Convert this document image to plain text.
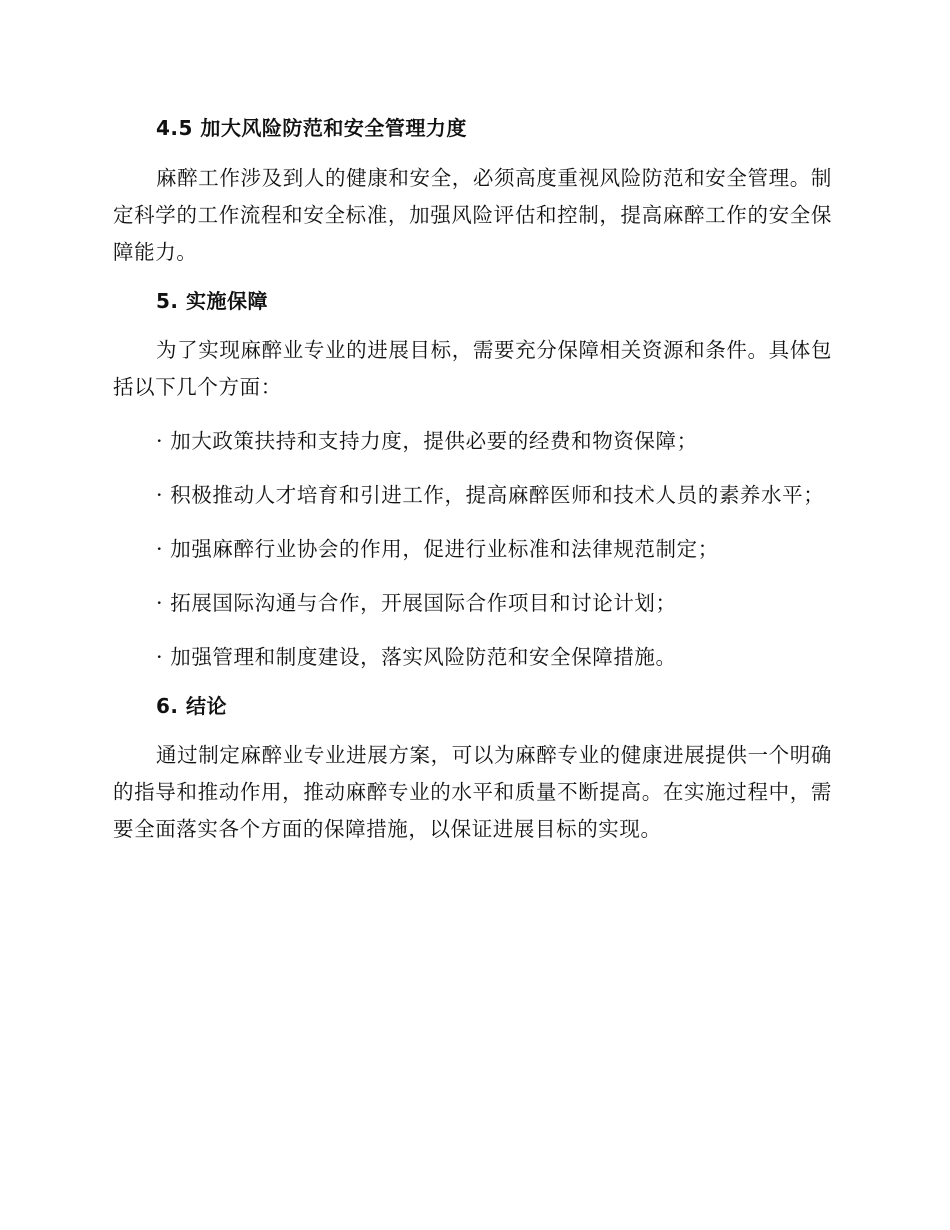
4.5 加大风险防范和安全管理力度

麻醉工作涉及到人的健康和安全，必须高度重视风险防范和安全管理。制定科学的工作流程和安全标准，加强风险评估和控制，提高麻醉工作的安全保障能力。

5. 实施保障

为了实现麻醉业专业的进展目标，需要充分保障相关资源和条件。具体包括以下几个方面：

· 加大政策扶持和支持力度，提供必要的经费和物资保障；

· 积极推动人才培育和引进工作，提高麻醉医师和技术人员的素养水平；

· 加强麻醉行业协会的作用，促进行业标准和法律规范制定；

· 拓展国际沟通与合作，开展国际合作项目和讨论计划；

· 加强管理和制度建设，落实风险防范和安全保障措施。

6. 结论

通过制定麻醉业专业进展方案，可以为麻醉专业的健康进展提供一个明确的指导和推动作用，推动麻醉专业的水平和质量不断提高。在实施过程中，需要全面落实各个方面的保障措施，以保证进展目标的实现。
